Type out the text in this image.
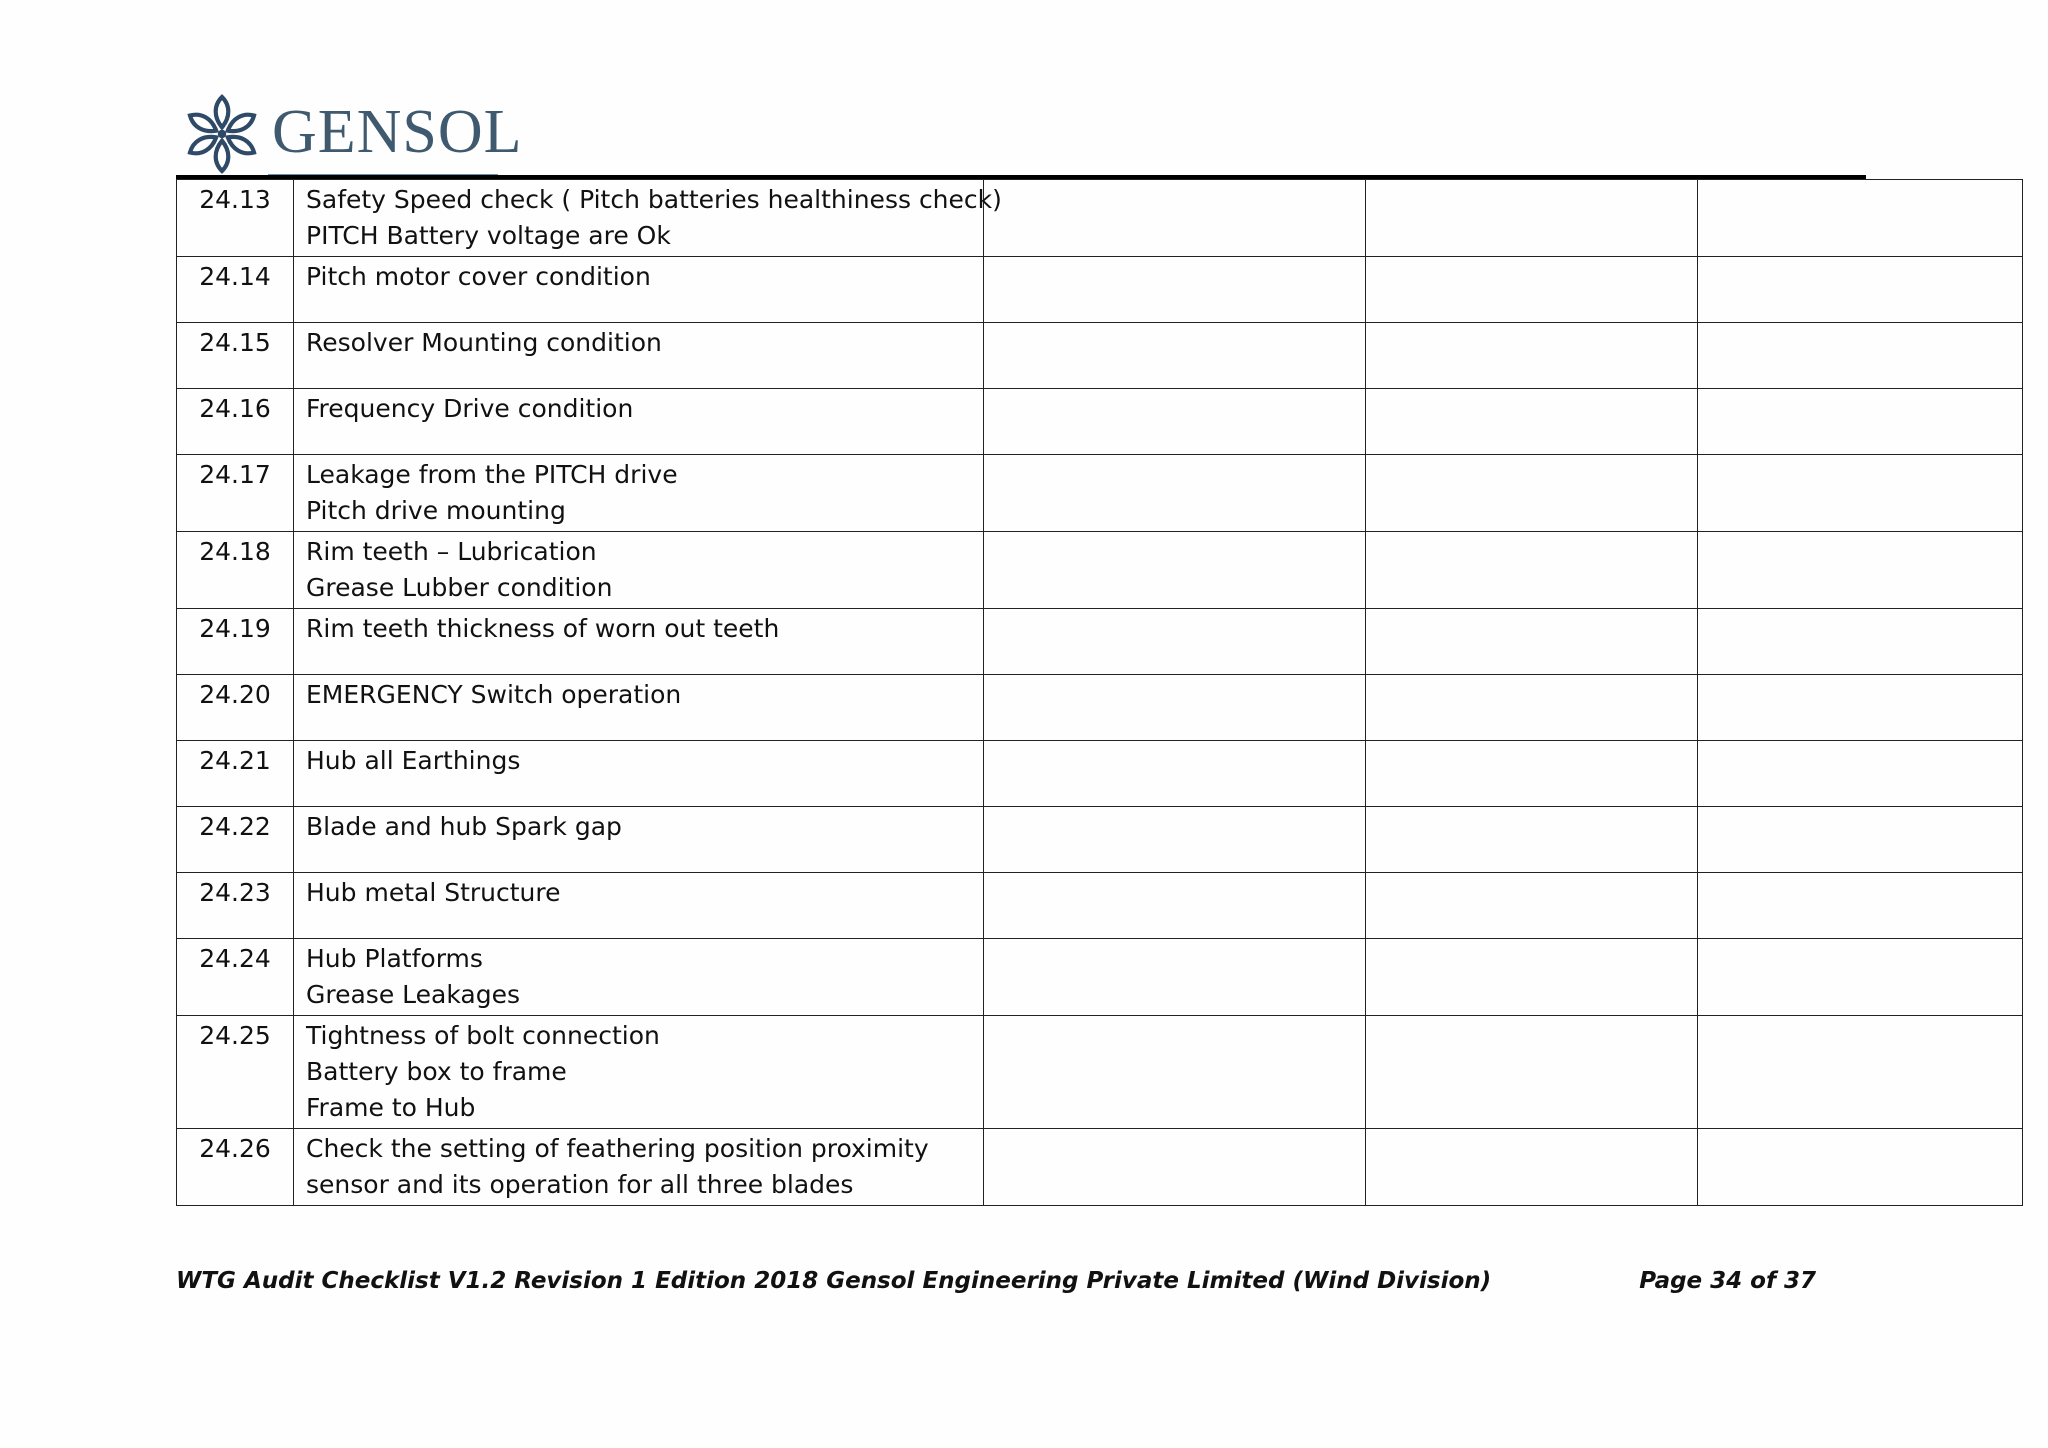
GENSOL
24.13	Safety Speed check ( Pitch batteries healthiness check)
PITCH Battery voltage are Ok			

24.14	Pitch motor cover condition			

24.15	Resolver Mounting condition			

24.16	Frequency Drive condition			

24.17	Leakage from the PITCH drive
Pitch drive mounting			

24.18	Rim teeth – Lubrication
Grease Lubber condition			

24.19	Rim teeth thickness of worn out teeth			

24.20	EMERGENCY Switch operation			

24.21	Hub all Earthings			

24.22	Blade and hub Spark gap			

24.23	Hub metal Structure			

24.24	Hub Platforms
Grease Leakages			

24.25	Tightness of bolt connection
Battery box to frame
Frame to Hub			

24.26	Check the setting of feathering position proximity
sensor and its operation for all three blades			

WTG Audit Checklist V1.2 Revision 1 Edition 2018 Gensol Engineering Private Limited (Wind Division)	Page 34 of 37
